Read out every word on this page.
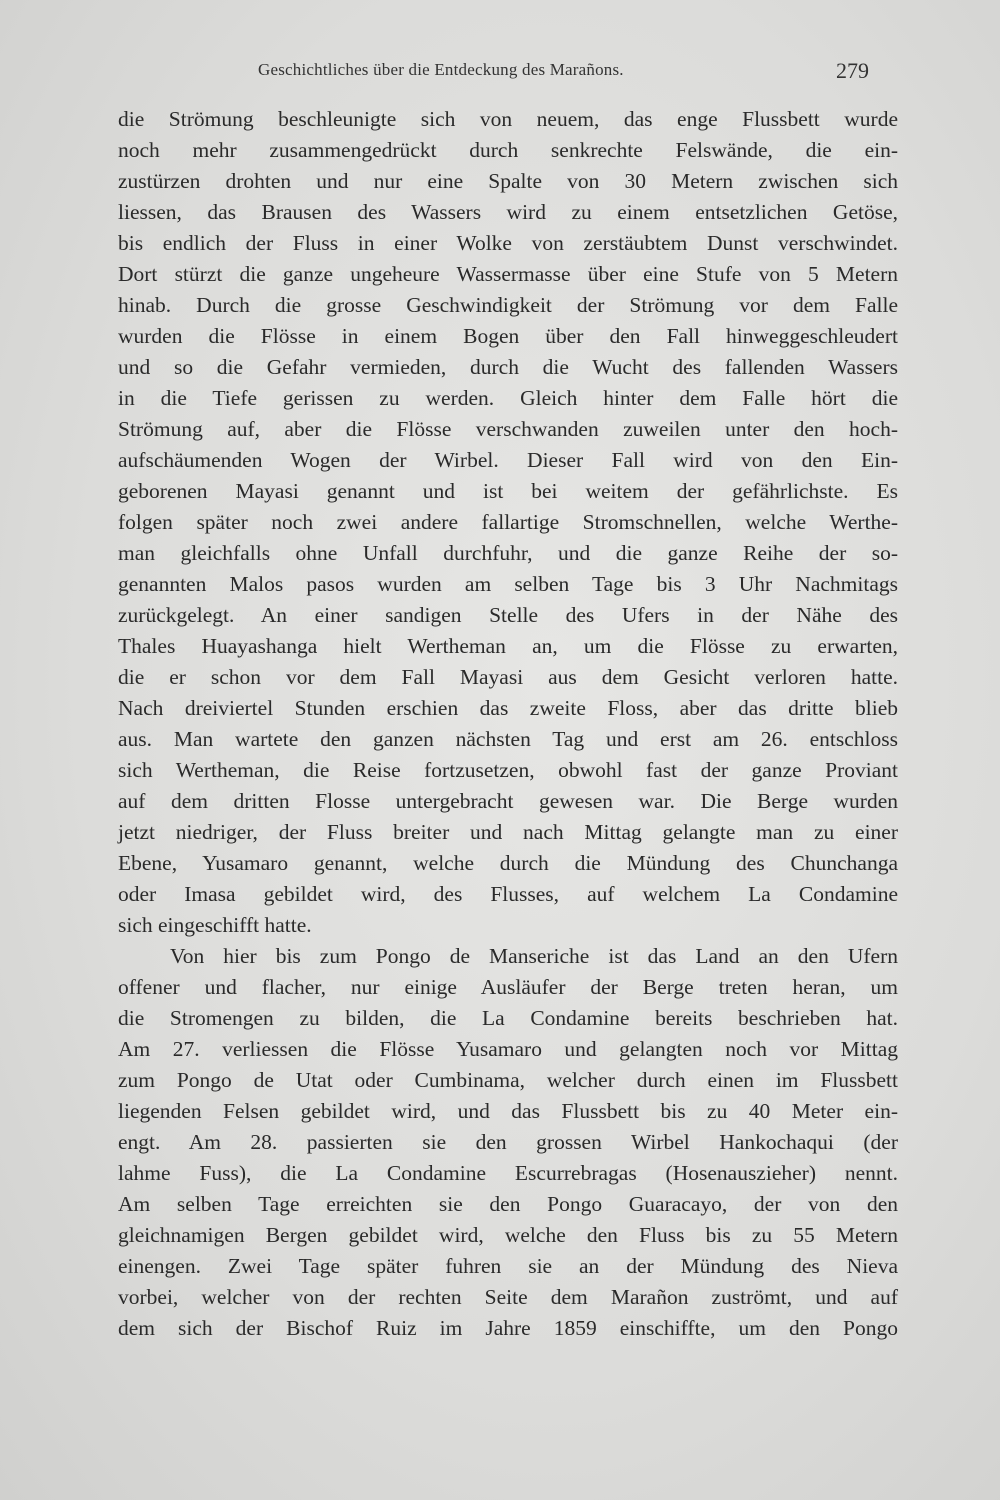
Geschichtliches über die Entdeckung des Marañons.	279
die Strömung beschleunigte sich von neuem, das enge Flussbett wurde
noch mehr zusammengedrückt durch senkrechte Felswände, die ein-
zustürzen drohten und nur eine Spalte von 30 Metern zwischen sich
liessen, das Brausen des Wassers wird zu einem entsetzlichen Getöse,
bis endlich der Fluss in einer Wolke von zerstäubtem Dunst verschwindet.
Dort stürzt die ganze ungeheure Wassermasse über eine Stufe von 5 Metern
hinab. Durch die grosse Geschwindigkeit der Strömung vor dem Falle
wurden die Flösse in einem Bogen über den Fall hinweggeschleudert
und so die Gefahr vermieden, durch die Wucht des fallenden Wassers
in die Tiefe gerissen zu werden. Gleich hinter dem Falle hört die
Strömung auf, aber die Flösse verschwanden zuweilen unter den hoch-
aufschäumenden Wogen der Wirbel. Dieser Fall wird von den Ein-
geborenen Mayasi genannt und ist bei weitem der gefährlichste. Es
folgen später noch zwei andere fallartige Stromschnellen, welche Werthe-
man gleichfalls ohne Unfall durchfuhr, und die ganze Reihe der so-
genannten Malos pasos wurden am selben Tage bis 3 Uhr Nachmitags
zurückgelegt. An einer sandigen Stelle des Ufers in der Nähe des
Thales Huayashanga hielt Wertheman an, um die Flösse zu erwarten,
die er schon vor dem Fall Mayasi aus dem Gesicht verloren hatte.
Nach dreiviertel Stunden erschien das zweite Floss, aber das dritte blieb
aus. Man wartete den ganzen nächsten Tag und erst am 26. entschloss
sich Wertheman, die Reise fortzusetzen, obwohl fast der ganze Proviant
auf dem dritten Flosse untergebracht gewesen war. Die Berge wurden
jetzt niedriger, der Fluss breiter und nach Mittag gelangte man zu einer
Ebene, Yusamaro genannt, welche durch die Mündung des Chunchanga
oder Imasa gebildet wird, des Flusses, auf welchem La Condamine
sich eingeschifft hatte.
Von hier bis zum Pongo de Manseriche ist das Land an den Ufern
offener und flacher, nur einige Ausläufer der Berge treten heran, um
die Stromengen zu bilden, die La Condamine bereits beschrieben hat.
Am 27. verliessen die Flösse Yusamaro und gelangten noch vor Mittag
zum Pongo de Utat oder Cumbinama, welcher durch einen im Flussbett
liegenden Felsen gebildet wird, und das Flussbett bis zu 40 Meter ein-
engt. Am 28. passierten sie den grossen Wirbel Hankochaqui (der
lahme Fuss), die La Condamine Escurrebragas (Hosenauszieher) nennt.
Am selben Tage erreichten sie den Pongo Guaracayo, der von den
gleichnamigen Bergen gebildet wird, welche den Fluss bis zu 55 Metern
einengen. Zwei Tage später fuhren sie an der Mündung des Nieva
vorbei, welcher von der rechten Seite dem Marañon zuströmt, und auf
dem sich der Bischof Ruiz im Jahre 1859 einschiffte, um den Pongo
